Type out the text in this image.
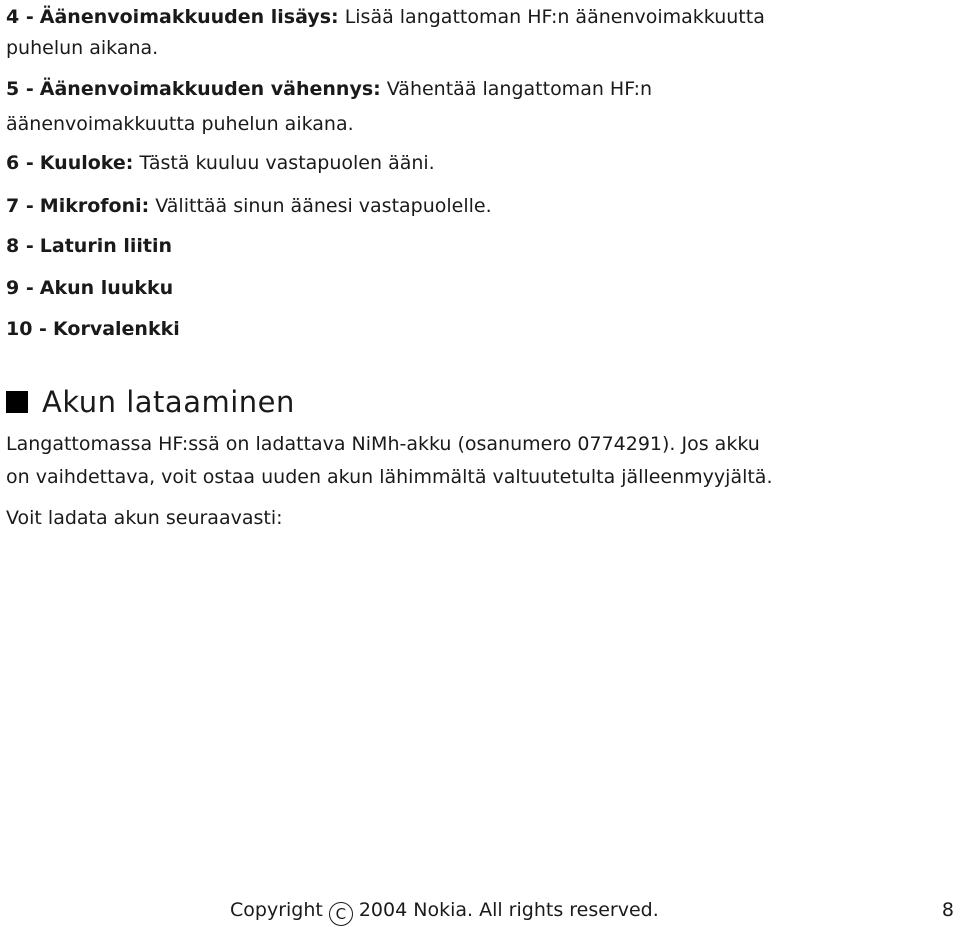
4 - Äänenvoimakkuuden lisäys: Lisää langattoman HF:n äänenvoimakkuutta
puhelun aikana.
5 - Äänenvoimakkuuden vähennys: Vähentää langattoman HF:n
äänenvoimakkuutta puhelun aikana.
6 - Kuuloke: Tästä kuuluu vastapuolen ääni.
7 - Mikrofoni: Välittää sinun äänesi vastapuolelle.
8 - Laturin liitin
9 - Akun luukku
10 - Korvalenkki
Akun lataaminen
Langattomassa HF:ssä on ladattava NiMh-akku (osanumero 0774291). Jos akku
on vaihdettava, voit ostaa uuden akun lähimmältä valtuutetulta jälleenmyyjältä.
Voit ladata akun seuraavasti:
Copyright C 2004 Nokia. All rights reserved.	8
